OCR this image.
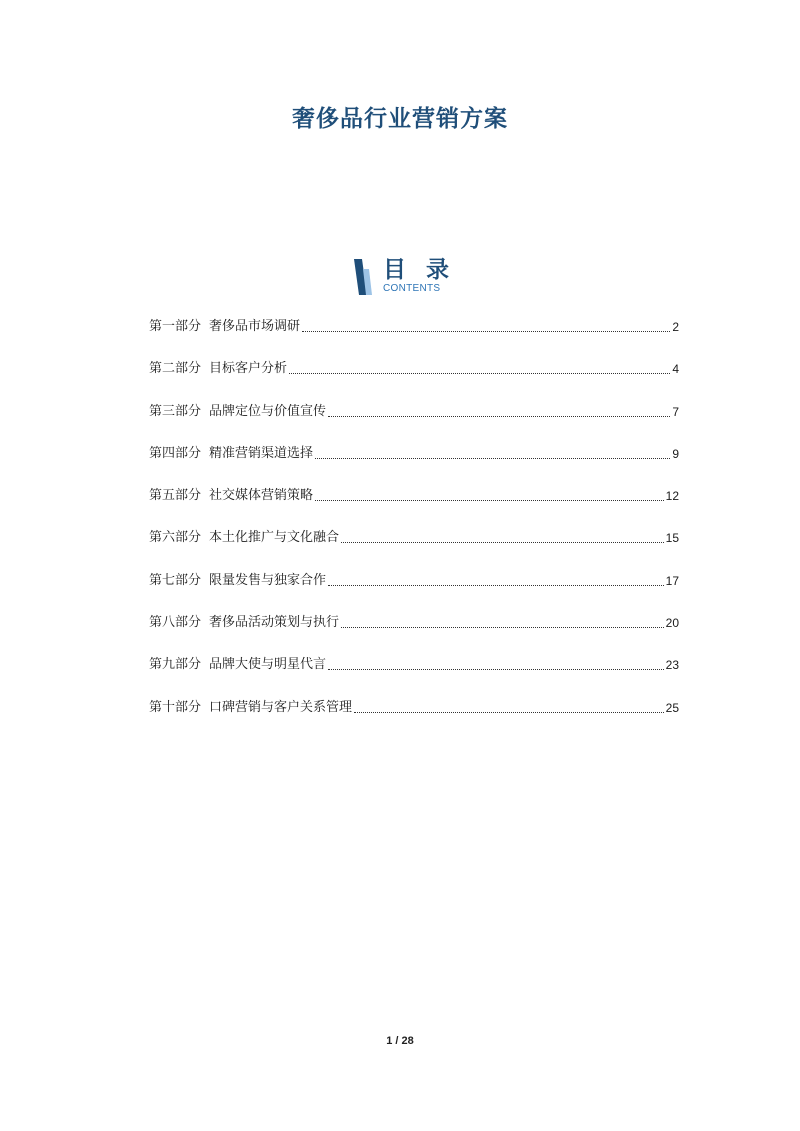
奢侈品行业营销方案
目 录
CONTENTS
第一部分 奢侈品市场调研	2
第二部分 目标客户分析	4
第三部分 品牌定位与价值宣传	7
第四部分 精准营销渠道选择	9
第五部分 社交媒体营销策略	12
第六部分 本土化推广与文化融合	15
第七部分 限量发售与独家合作	17
第八部分 奢侈品活动策划与执行	20
第九部分 品牌大使与明星代言	23
第十部分 口碑营销与客户关系管理	25
1 / 28
